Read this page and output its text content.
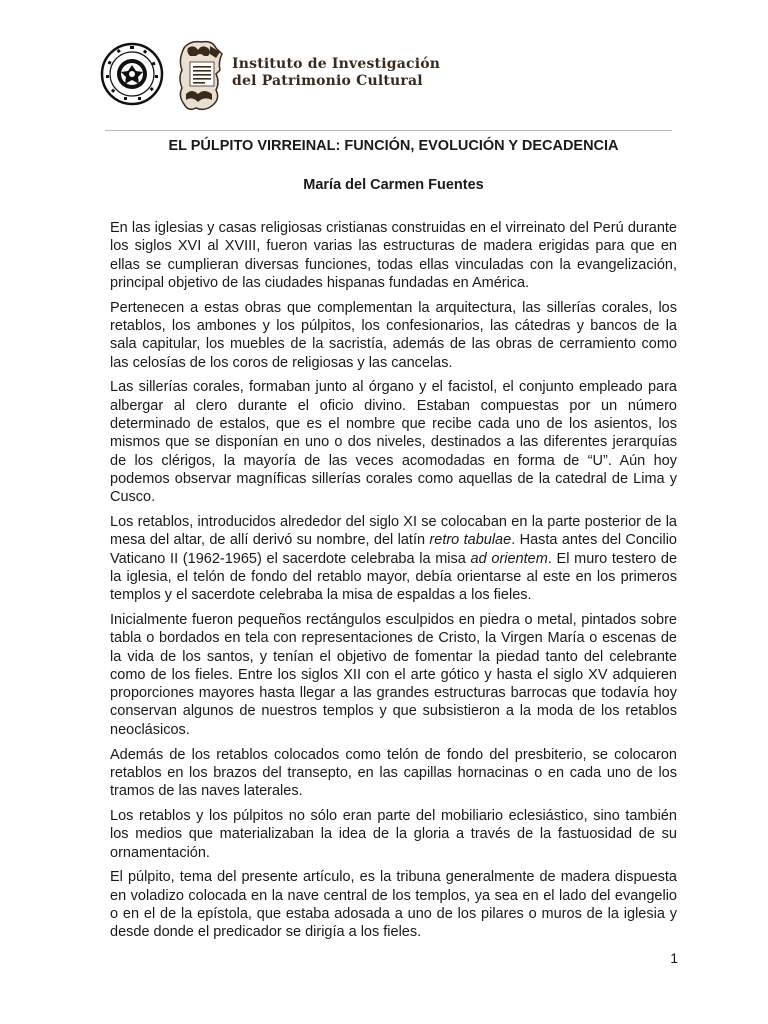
Instituto de Investigación
del Patrimonio Cultural
EL PÚLPITO VIRREINAL: FUNCIÓN, EVOLUCIÓN Y DECADENCIA
María del Carmen Fuentes

En las iglesias y casas religiosas cristianas construidas en el virreinato del Perú durante los siglos XVI al XVIII, fueron varias las estructuras de madera erigidas para que en ellas se cumplieran diversas funciones, todas ellas vinculadas con la evangelización, principal objetivo de las ciudades hispanas fundadas en América.

Pertenecen a estas obras que complementan la arquitectura, las sillerías corales, los retablos, los ambones y los púlpitos, los confesionarios, las cátedras y bancos de la sala capitular, los muebles de la sacristía, además de las obras de cerramiento como las celosías de los coros de religiosas y las cancelas.

Las sillerías corales, formaban junto al órgano y el facistol, el conjunto empleado para albergar al clero durante el oficio divino. Estaban compuestas por un número determinado de estalos, que es el nombre que recibe cada uno de los asientos, los mismos que se disponían en uno o dos niveles, destinados a las diferentes jerarquías de los clérigos, la mayoría de las veces acomodadas en forma de “U”. Aún hoy podemos observar magníficas sillerías corales como aquellas de la catedral de Lima y Cusco.

Los retablos, introducidos alrededor del siglo XI se colocaban en la parte posterior de la mesa del altar, de allí derivó su nombre, del latín retro tabulae. Hasta antes del Concilio Vaticano II (1962-1965) el sacerdote celebraba la misa ad orientem. El muro testero de la iglesia, el telón de fondo del retablo mayor, debía orientarse al este en los primeros templos y el sacerdote celebraba la misa de espaldas a los fieles.

Inicialmente fueron pequeños rectángulos esculpidos en piedra o metal, pintados sobre tabla o bordados en tela con representaciones de Cristo, la Virgen María o escenas de la vida de los santos, y tenían el objetivo de fomentar la piedad tanto del celebrante como de los fieles. Entre los siglos XII con el arte gótico y hasta el siglo XV adquieren proporciones mayores hasta llegar a las grandes estructuras barrocas que todavía hoy conservan algunos de nuestros templos y que subsistieron a la moda de los retablos neoclásicos.

Además de los retablos colocados como telón de fondo del presbiterio, se colocaron retablos en los brazos del transepto, en las capillas hornacinas o en cada uno de los tramos de las naves laterales.

Los retablos y los púlpitos no sólo eran parte del mobiliario eclesiástico, sino también los medios que materializaban la idea de la gloria a través de la fastuosidad de su ornamentación.

El púlpito, tema del presente artículo, es la tribuna generalmente de madera dispuesta en voladizo colocada en la nave central de los templos, ya sea en el lado del evangelio o en el de la epístola, que estaba adosada a uno de los pilares o muros de la iglesia y desde donde el predicador se dirigía a los fieles.

1
